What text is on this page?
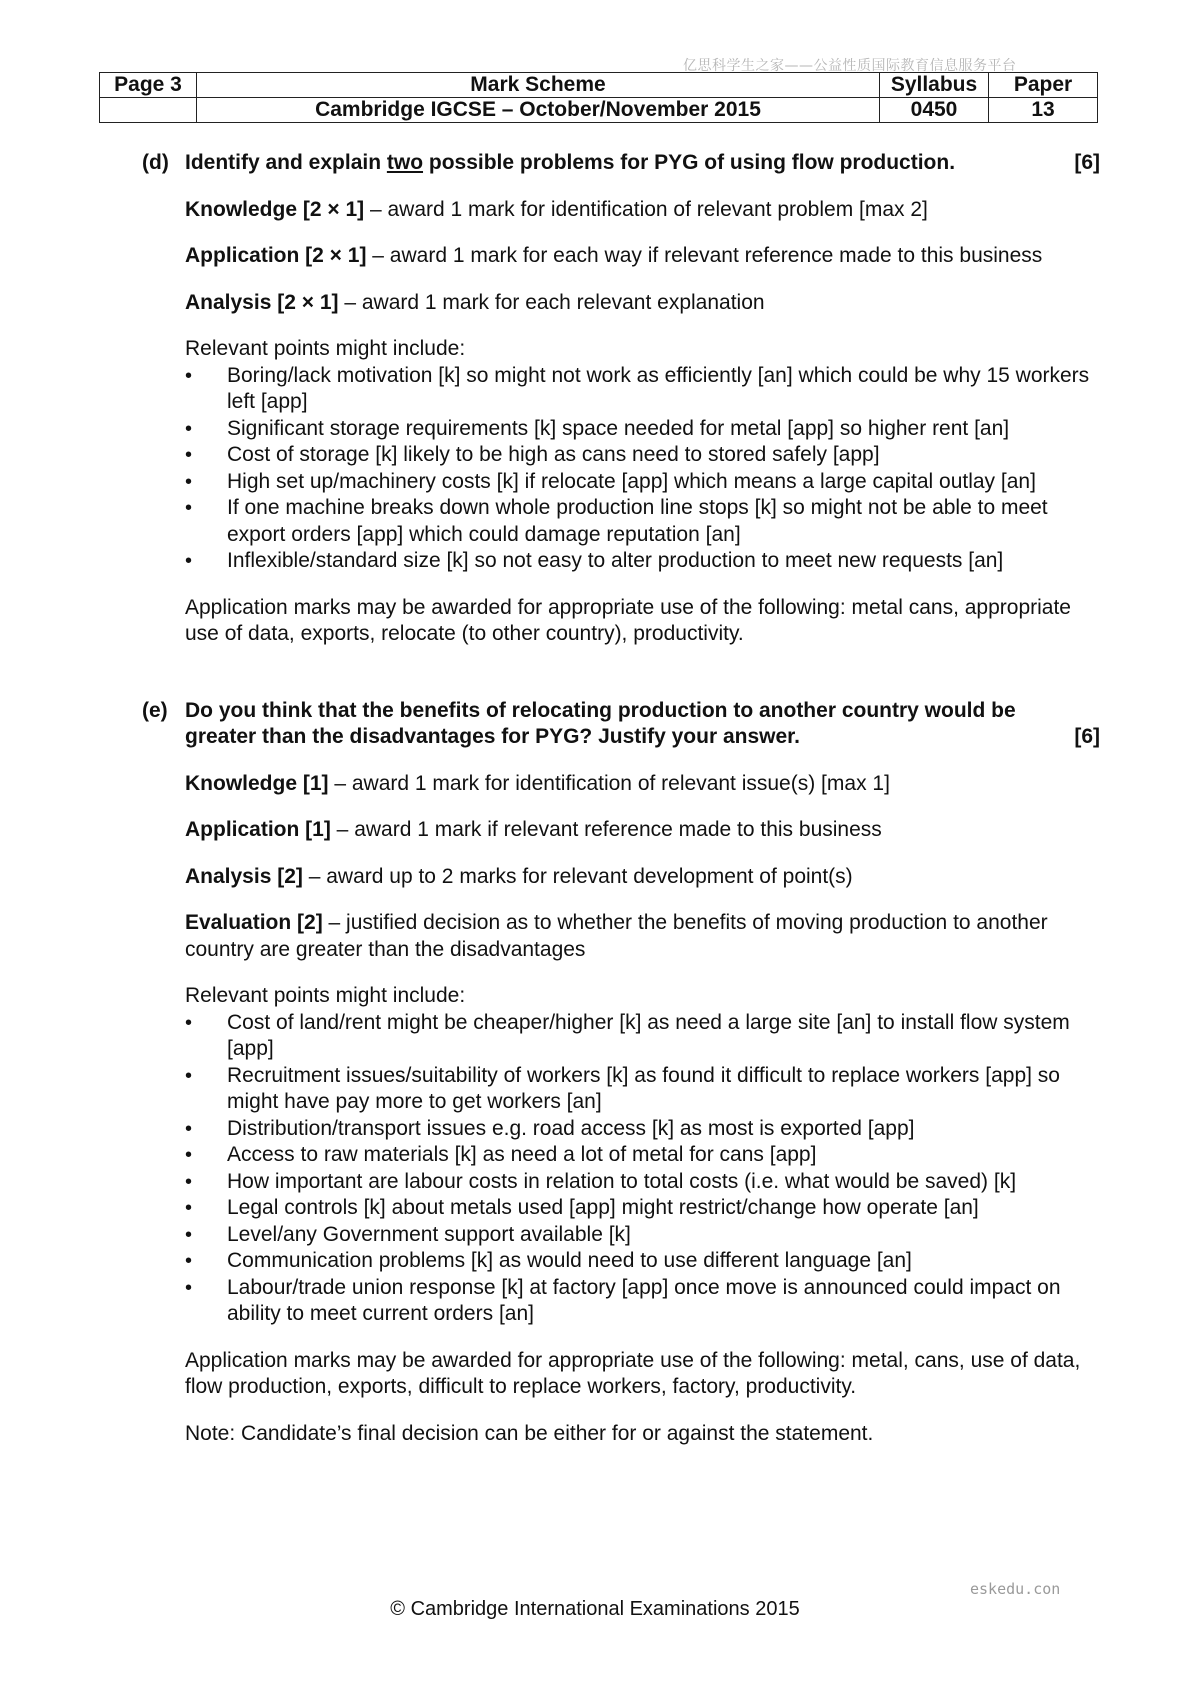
亿思科学生之家——公益性质国际教育信息服务平台
Page 3	Mark Scheme	Syllabus	Paper
	Cambridge IGCSE – October/November 2015	0450	13
(d) Identify and explain two possible problems for PYG of using flow production.	[6]
Knowledge [2 × 1] – award 1 mark for identification of relevant problem [max 2]
Application [2 × 1] – award 1 mark for each way if relevant reference made to this business
Analysis [2 × 1] – award 1 mark for each relevant explanation
Relevant points might include:
• Boring/lack motivation [k] so might not work as efficiently [an] which could be why 15 workers left [app]
• Significant storage requirements [k] space needed for metal [app] so higher rent [an]
• Cost of storage [k] likely to be high as cans need to stored safely [app]
• High set up/machinery costs [k] if relocate [app] which means a large capital outlay [an]
• If one machine breaks down whole production line stops [k] so might not be able to meet export orders [app] which could damage reputation [an]
• Inflexible/standard size [k] so not easy to alter production to meet new requests [an]
Application marks may be awarded for appropriate use of the following: metal cans, appropriate use of data, exports, relocate (to other country), productivity.
(e) Do you think that the benefits of relocating production to another country would be greater than the disadvantages for PYG? Justify your answer.	[6]
Knowledge [1] – award 1 mark for identification of relevant issue(s) [max 1]
Application [1] – award 1 mark if relevant reference made to this business
Analysis [2] – award up to 2 marks for relevant development of point(s)
Evaluation [2] – justified decision as to whether the benefits of moving production to another country are greater than the disadvantages
Relevant points might include:
• Cost of land/rent might be cheaper/higher [k] as need a large site [an] to install flow system [app]
• Recruitment issues/suitability of workers [k] as found it difficult to replace workers [app] so might have pay more to get workers [an]
• Distribution/transport issues e.g. road access [k] as most is exported [app]
• Access to raw materials [k] as need a lot of metal for cans [app]
• How important are labour costs in relation to total costs (i.e. what would be saved) [k]
• Legal controls [k] about metals used [app] might restrict/change how operate [an]
• Level/any Government support available [k]
• Communication problems [k] as would need to use different language [an]
• Labour/trade union response [k] at factory [app] once move is announced could impact on ability to meet current orders [an]
Application marks may be awarded for appropriate use of the following: metal, cans, use of data, flow production, exports, difficult to replace workers, factory, productivity.
Note: Candidate’s final decision can be either for or against the statement.
eskedu.con
© Cambridge International Examinations 2015
